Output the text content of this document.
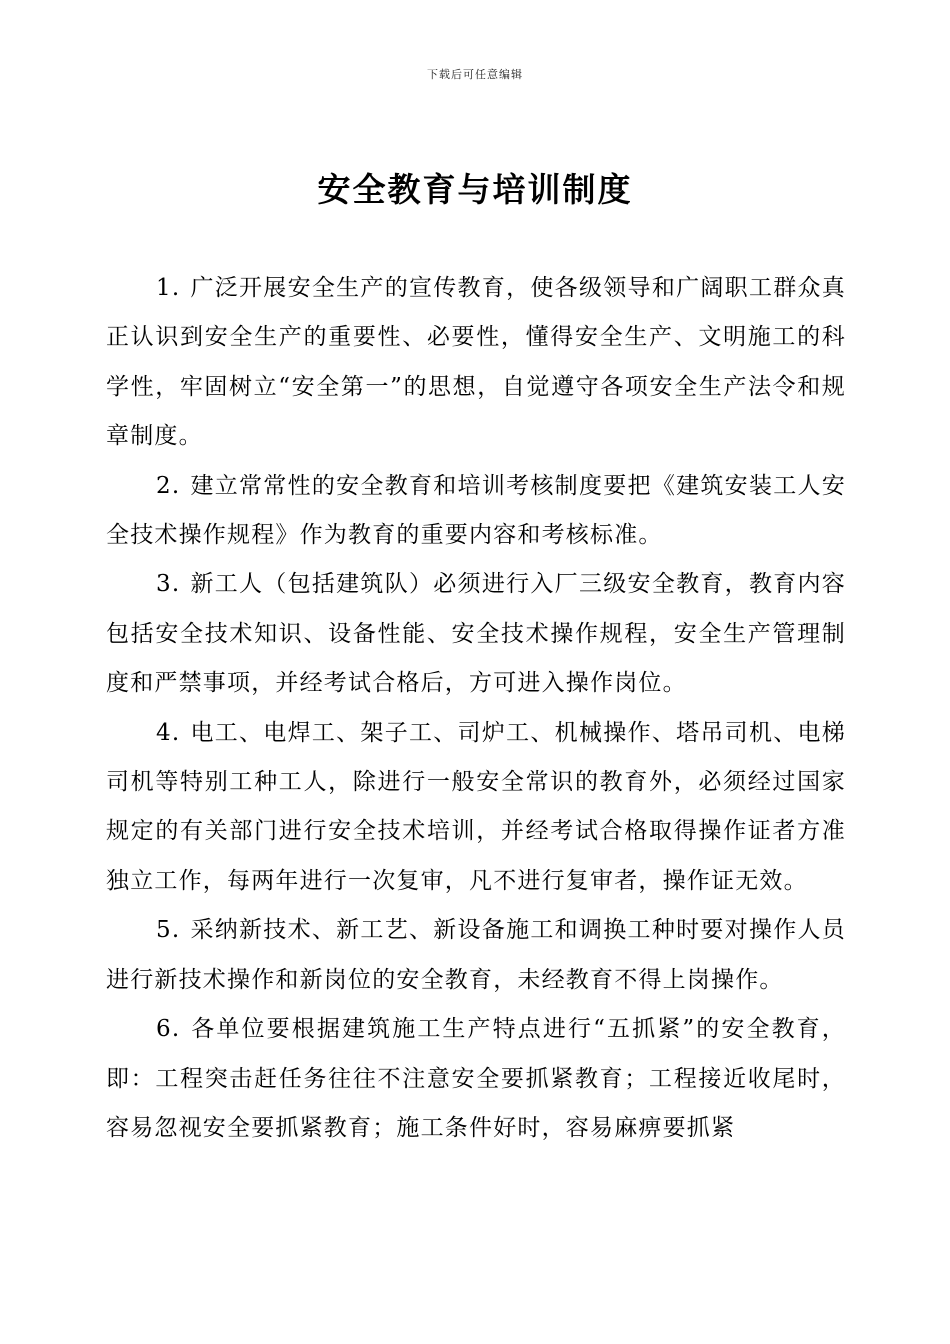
下载后可任意编辑
安全教育与培训制度

1. 广泛开展安全生产的宣传教育，使各级领导和广阔职工群众真正认识到安全生产的重要性、必要性，懂得安全生产、文明施工的科学性，牢固树立“安全第一”的思想，自觉遵守各项安全生产法令和规章制度。

2. 建立常常性的安全教育和培训考核制度要把《建筑安装工人安全技术操作规程》作为教育的重要内容和考核标准。

3. 新工人（包括建筑队）必须进行入厂三级安全教育，教育内容包括安全技术知识、设备性能、安全技术操作规程，安全生产管理制度和严禁事项，并经考试合格后，方可进入操作岗位。

4. 电工、电焊工、架子工、司炉工、机械操作、塔吊司机、电梯司机等特别工种工人，除进行一般安全常识的教育外，必须经过国家规定的有关部门进行安全技术培训，并经考试合格取得操作证者方准独立工作，每两年进行一次复审，凡不进行复审者，操作证无效。

5. 采纳新技术、新工艺、新设备施工和调换工种时要对操作人员进行新技术操作和新岗位的安全教育，未经教育不得上岗操作。

6. 各单位要根据建筑施工生产特点进行“五抓紧”的安全教育，即：工程突击赶任务往往不注意安全要抓紧教育；工程接近收尾时，容易忽视安全要抓紧教育；施工条件好时，容易麻痹要抓紧
